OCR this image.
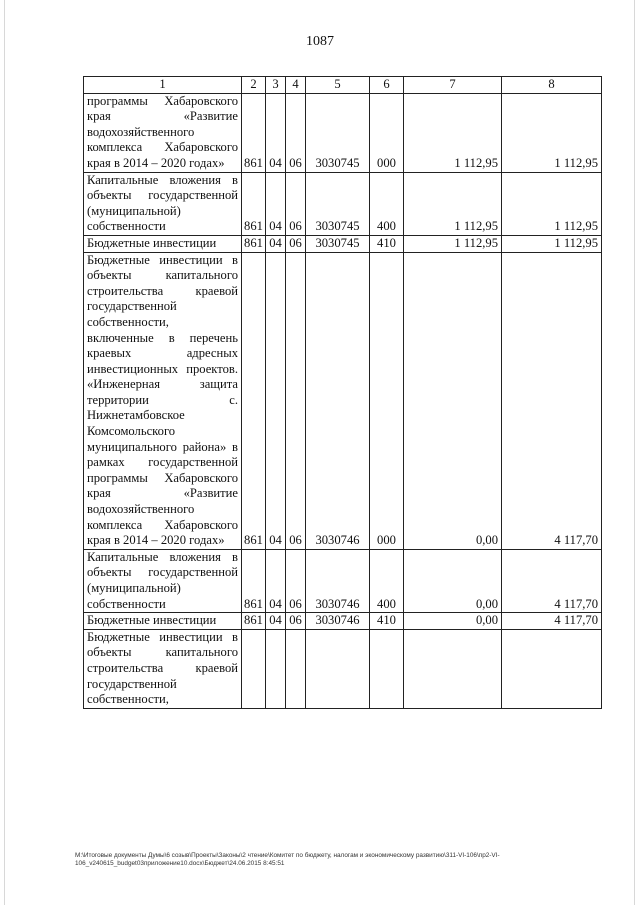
1087
1	2	3	4	5	6	7	8
программы Хабаровского края «Развитие водохозяйственного комплекса Хабаровского края в 2014 – 2020 годах»	861	04	06	3030745	000	1 112,95	1 112,95
Капитальные вложения в объекты государственной (муниципальной) собственности	861	04	06	3030745	400	1 112,95	1 112,95
Бюджетные инвестиции	861	04	06	3030745	410	1 112,95	1 112,95
Бюджетные инвестиции в объекты капитального строительства краевой государственной собственности, включенные в перечень краевых адресных инвестиционных проектов. «Инженерная защита территории с. Нижнетамбовское Комсомольского муниципального района» в рамках государственной программы Хабаровского края «Развитие водохозяйственного комплекса Хабаровского края в 2014 – 2020 годах»	861	04	06	3030746	000	0,00	4 117,70
Капитальные вложения в объекты государственной (муниципальной) собственности	861	04	06	3030746	400	0,00	4 117,70
Бюджетные инвестиции	861	04	06	3030746	410	0,00	4 117,70
Бюджетные инвестиции в объекты капитального строительства краевой государственной собственности,							
M:\Итоговые документы Думы\6 созыв\Проекты\Законы\2 чтение\Комитет по бюджету, налогам и экономическому развитию\311-VI-106\пр2-VI-106_v240615_budget03приложение10.docx\Бюджет\24.06.2015 8:45:51
